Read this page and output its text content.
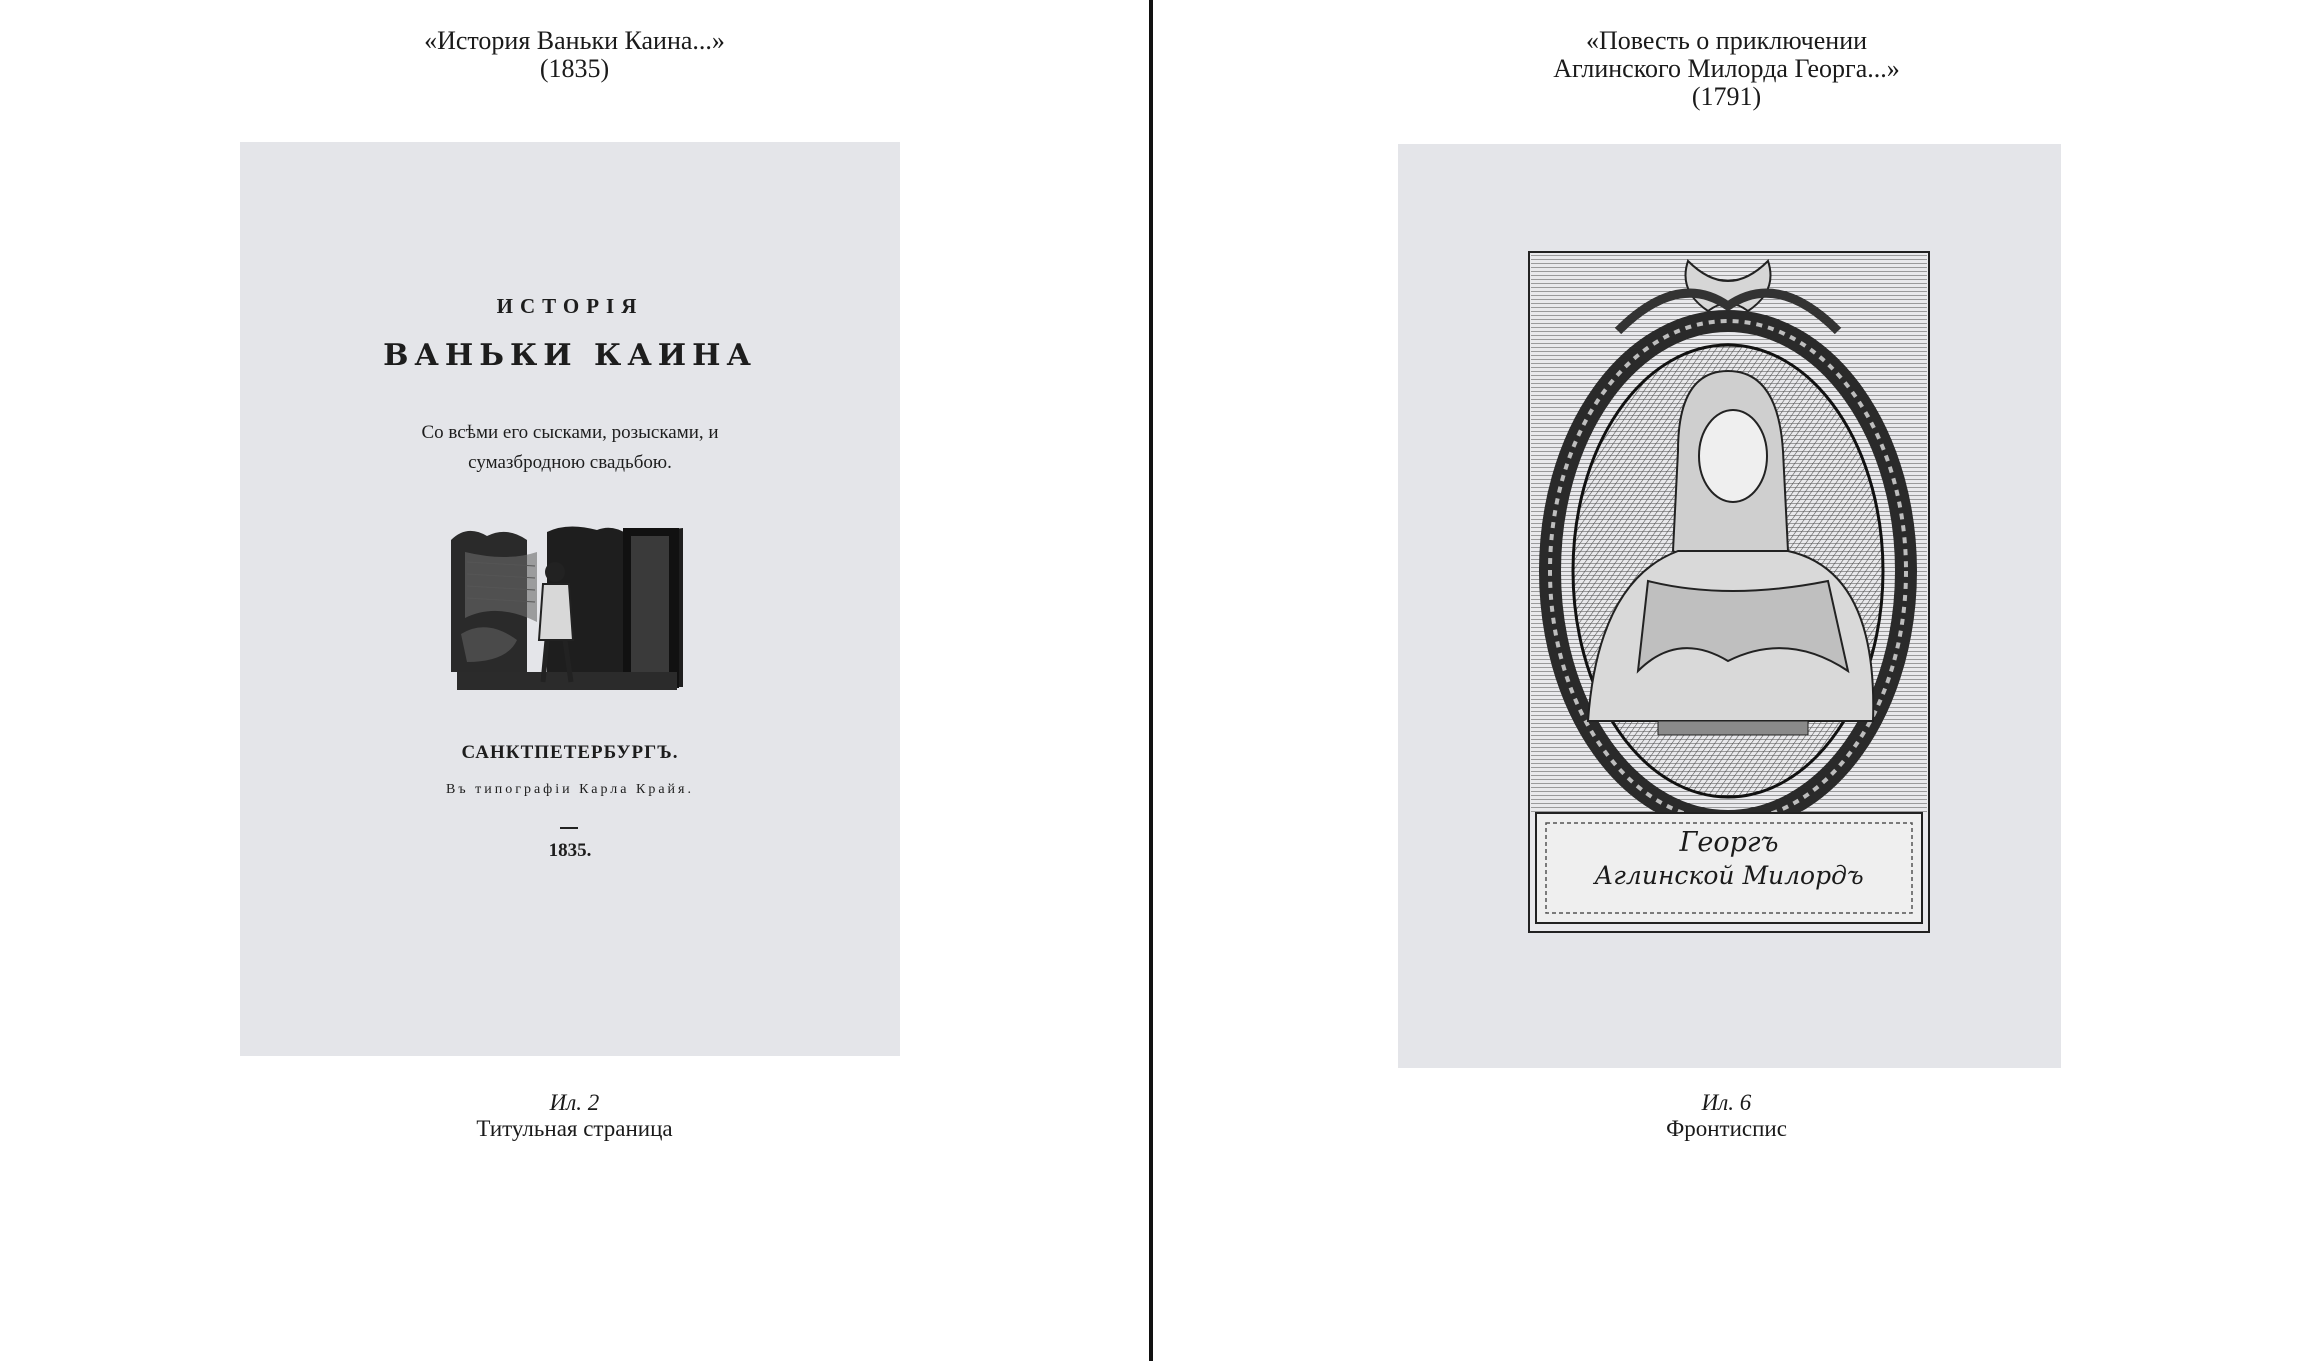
«История Ваньки Каина...»
(1835)
ИСТОРІЯ
ВАНЬКИ КАИНА
Со всѣми его сысками, розысками, и
сумазбродною свадьбою.
САНКТПЕТЕРБУРГЪ.
Въ типографіи Карла Крайя.
1835.
Ил. 2
Титульная страница
«Повесть о приключении
Аглинского Милорда Георга...»
(1791)
Георгъ
Аглинской Милордъ
Ил. 6
Фронтиспис
